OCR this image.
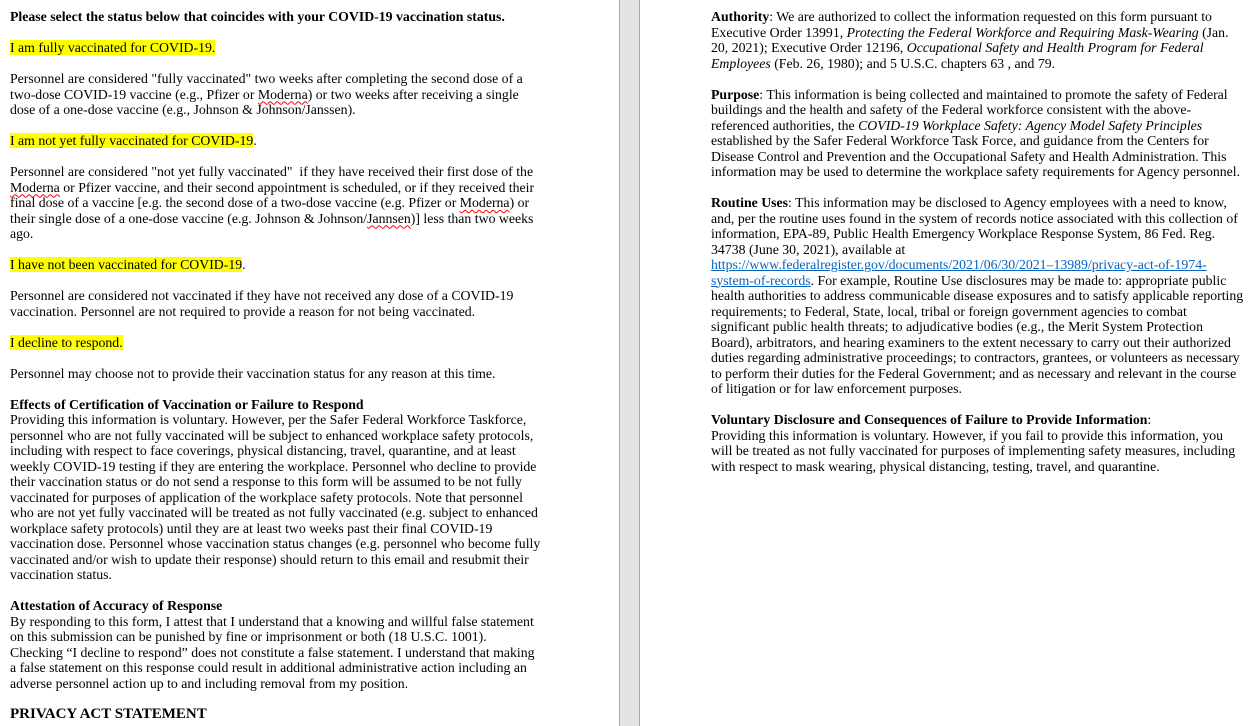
Please select the status below that coincides with your COVID-19 vaccination status.
I am fully vaccinated for COVID-19.
Personnel are considered "fully vaccinated" two weeks after completing the second dose of a two-dose COVID-19 vaccine (e.g., Pfizer or Moderna) or two weeks after receiving a single dose of a one-dose vaccine (e.g., Johnson & Johnson/Janssen).
I am not yet fully vaccinated for COVID-19.
Personnel are considered "not yet fully vaccinated"  if they have received their first dose of the Moderna or Pfizer vaccine, and their second appointment is scheduled, or if they received their final dose of a vaccine [e.g. the second dose of a two-dose vaccine (e.g. Pfizer or Moderna) or their single dose of a one-dose vaccine (e.g. Johnson & Johnson/Jannsen)] less than two weeks ago.
I have not been vaccinated for COVID-19.
Personnel are considered not vaccinated if they have not received any dose of a COVID-19 vaccination. Personnel are not required to provide a reason for not being vaccinated.
I decline to respond.
Personnel may choose not to provide their vaccination status for any reason at this time.
Effects of Certification of Vaccination or Failure to Respond
Providing this information is voluntary. However, per the Safer Federal Workforce Taskforce, personnel who are not fully vaccinated will be subject to enhanced workplace safety protocols, including with respect to face coverings, physical distancing, travel, quarantine, and at least weekly COVID-19 testing if they are entering the workplace. Personnel who decline to provide their vaccination status or do not send a response to this form will be assumed to be not fully vaccinated for purposes of application of the workplace safety protocols. Note that personnel who are not yet fully vaccinated will be treated as not fully vaccinated (e.g. subject to enhanced workplace safety protocols) until they are at least two weeks past their final COVID-19 vaccination dose. Personnel whose vaccination status changes (e.g. personnel who become fully vaccinated and/or wish to update their response) should return to this email and resubmit their vaccination status.
Attestation of Accuracy of Response
By responding to this form, I attest that I understand that a knowing and willful false statement on this submission can be punished by fine or imprisonment or both (18 U.S.C. 1001). Checking “I decline to respond” does not constitute a false statement. I understand that making a false statement on this response could result in additional administrative action including an adverse personnel action up to and including removal from my position.
PRIVACY ACT STATEMENT
Authority: We are authorized to collect the information requested on this form pursuant to Executive Order 13991, Protecting the Federal Workforce and Requiring Mask-Wearing (Jan. 20, 2021); Executive Order 12196, Occupational Safety and Health Program for Federal Employees (Feb. 26, 1980); and 5 U.S.C. chapters 63 , and 79.
Purpose: This information is being collected and maintained to promote the safety of Federal buildings and the health and safety of the Federal workforce consistent with the above-referenced authorities, the COVID-19 Workplace Safety: Agency Model Safety Principles established by the Safer Federal Workforce Task Force, and guidance from the Centers for Disease Control and Prevention and the Occupational Safety and Health Administration. This information may be used to determine the workplace safety requirements for Agency personnel.
Routine Uses: This information may be disclosed to Agency employees with a need to know, and, per the routine uses found in the system of records notice associated with this collection of information, EPA-89, Public Health Emergency Workplace Response System, 86 Fed. Reg. 34738 (June 30, 2021), available at https://www.federalregister.gov/documents/2021/06/30/2021–13989/privacy-act-of-1974-system-of-records. For example, Routine Use disclosures may be made to: appropriate public health authorities to address communicable disease exposures and to satisfy applicable reporting requirements; to Federal, State, local, tribal or foreign government agencies to combat significant public health threats; to adjudicative bodies (e.g., the Merit System Protection Board), arbitrators, and hearing examiners to the extent necessary to carry out their authorized duties regarding administrative proceedings; to contractors, grantees, or volunteers as necessary to perform their duties for the Federal Government; and as necessary and relevant in the course of litigation or for law enforcement purposes.
Voluntary Disclosure and Consequences of Failure to Provide Information:
Providing this information is voluntary. However, if you fail to provide this information, you will be treated as not fully vaccinated for purposes of implementing safety measures, including with respect to mask wearing, physical distancing, testing, travel, and quarantine.
